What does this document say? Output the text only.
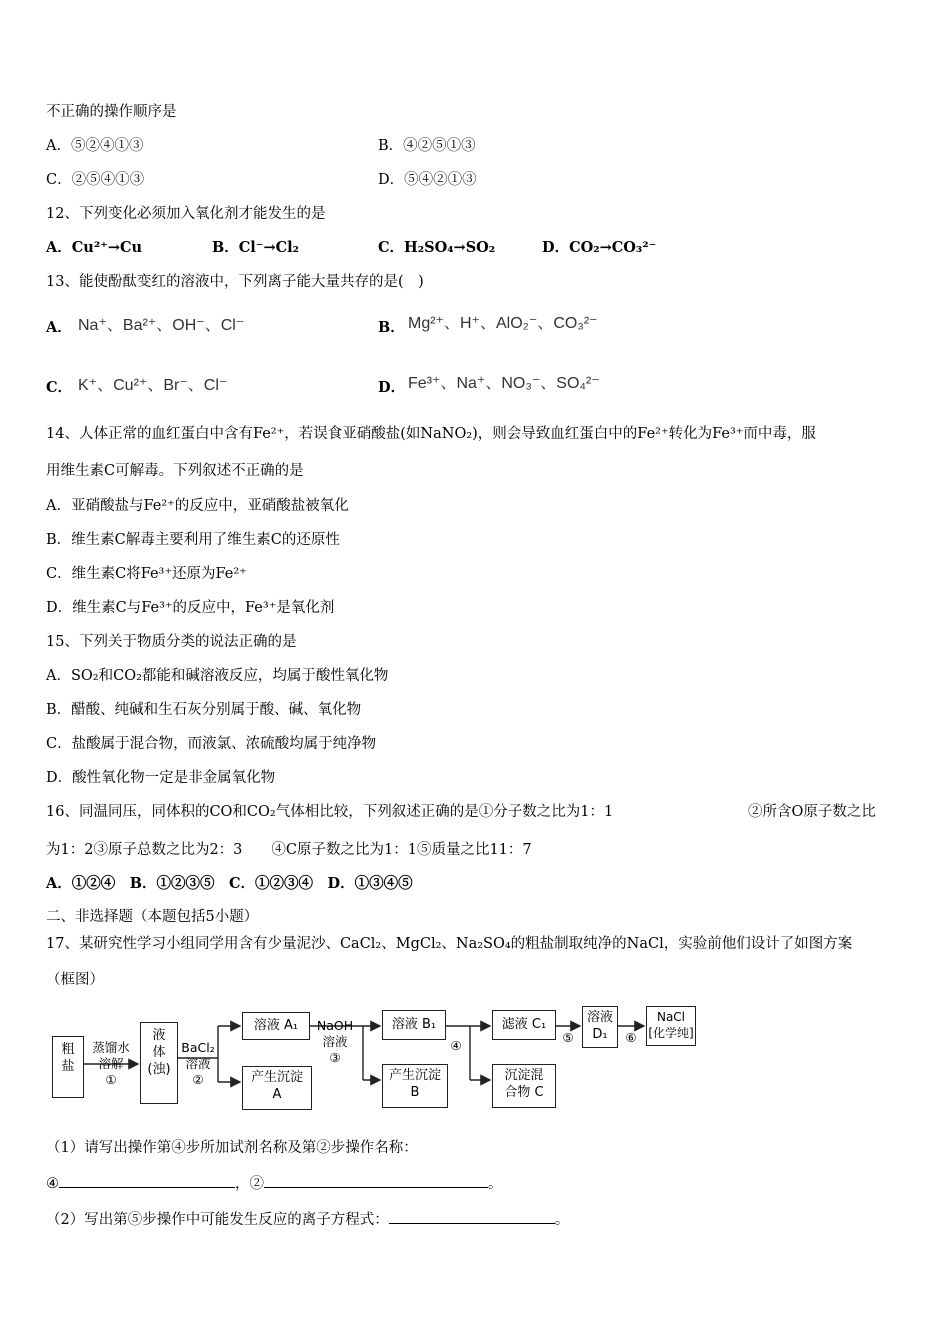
不正确的操作顺序是
A．⑤②④①③	B．④②⑤①③
C．②⑤④①③	D．⑤④②①③
12、下列变化必须加入氧化剂才能发生的是
A．Cu²⁺→Cu	B．Cl⁻→Cl₂	C．H₂SO₄→SO₂	D．CO₂→CO₃²⁻
13、能使酚酞变红的溶液中，下列离子能大量共存的是(　)
A． Na⁺、Ba²⁺、OH⁻、Cl⁻	B． Mg²⁺、H⁺、AlO₂⁻、CO₃²⁻
C． K⁺、Cu²⁺、Br⁻、Cl⁻	D． Fe³⁺、Na⁺、NO₃⁻、SO₄²⁻
14、人体正常的血红蛋白中含有Fe²⁺，若误食亚硝酸盐(如NaNO₂)，则会导致血红蛋白中的Fe²⁺转化为Fe³⁺而中毒，服
用维生素C可解毒。下列叙述不正确的是
A．亚硝酸盐与Fe²⁺的反应中，亚硝酸盐被氧化
B．维生素C解毒主要利用了维生素C的还原性
C．维生素C将Fe³⁺还原为Fe²⁺
D．维生素C与Fe³⁺的反应中，Fe³⁺是氧化剂
15、下列关于物质分类的说法正确的是
A．SO₂和CO₂都能和碱溶液反应，均属于酸性氧化物
B．醋酸、纯碱和生石灰分别属于酸、碱、氧化物
C．盐酸属于混合物，而液氯、浓硫酸均属于纯净物
D．酸性氧化物一定是非金属氧化物
16、同温同压，同体积的CO和CO₂气体相比较，下列叙述正确的是①分子数之比为1：1	②所含O原子数之比
为1：2③原子总数之比为2：3　　④C原子数之比为1：1⑤质量之比11：7
A．①②④　B．①②③⑤　C．①②③④　D．①③④⑤
二、非选择题（本题包括5小题）
17、某研究性学习小组同学用含有少量泥沙、CaCl₂、MgCl₂、Na₂SO₄的粗盐制取纯净的NaCl，实验前他们设计了如图方案
（框图）
粗
盐
蒸馏水
溶解
①
液
体
(浊)
BaCl₂
溶液
②
溶液 A₁
产生沉淀
A
NaOH
溶液
③
溶液 B₁
产生沉淀
B
④
滤液 C₁
沉淀混
合物 C
⑤
溶液
D₁	⑥
NaCl
[化学纯]
（1）请写出操作第④步所加试剂名称及第②步操作名称：
④	，②	。
（2）写出第⑤步操作中可能发生反应的离子方程式：	。
